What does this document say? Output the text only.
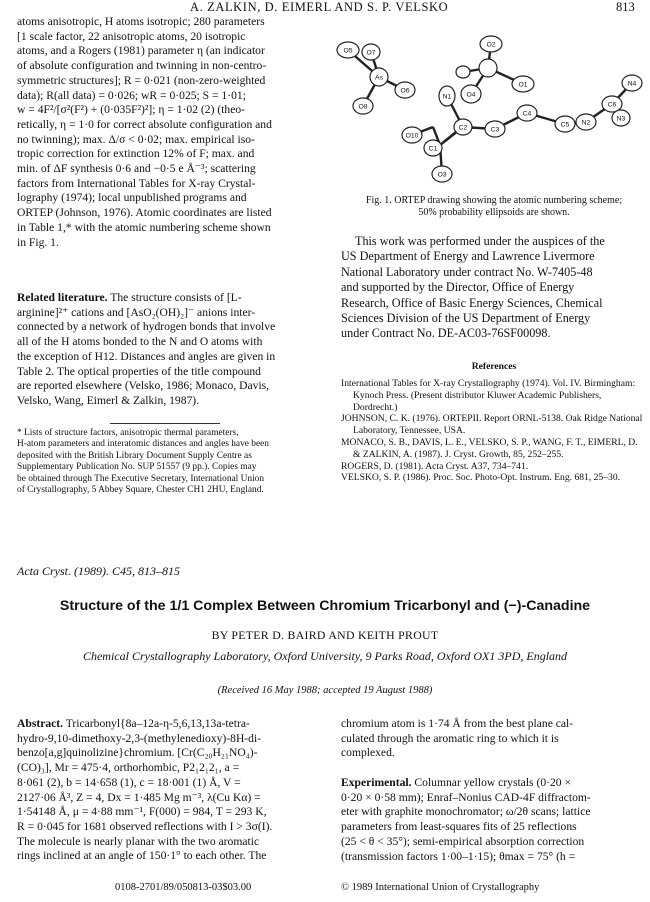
A. ZALKIN, D. EIMERL AND S. P. VELSKO	813

atoms anisotropic, H atoms isotropic; 280 parameters

[1 scale factor, 22 anisotropic atoms, 20 isotropic

atoms, and a Rogers (1981) parameter η (an indicator

of absolute configuration and twinning in non-centro-

symmetric structures]; R = 0·021 (non-zero-weighted

data); R(all data) = 0·026; wR = 0·025; S = 1·01;

w = 4F²/[σ²(F²) + (0·035F²)²]; η = 1·02 (2) (theo-

retically, η = 1·0 for correct absolute configuration and

no twinning); max. Δ/σ < 0·02; max. empirical iso-

tropic correction for extinction 12% of F; max. and

min. of ΔF synthesis 0·6 and −0·5 e Å⁻³; scattering

factors from International Tables for X-ray Crystal-

lography (1974); local unpublished programs and

ORTEP (Johnson, 1976). Atomic coordinates are listed

in Table 1,* with the atomic numbering scheme shown

in Fig. 1.

Related literature. The structure consists of [L-

arginine]²⁺ cations and [AsO₂(OH)₂]⁻ anions inter-

connected by a network of hydrogen bonds that involve

all of the H atoms bonded to the N and O atoms with

the exception of H12. Distances and angles are given in

Table 2. The optical properties of the title compound

are reported elsewhere (Velsko, 1986; Monaco, Davis,

Velsko, Wang, Eimerl & Zalkin, 1987).

* Lists of structure factors, anisotropic thermal parameters,

H-atom parameters and interatomic distances and angles have been

deposited with the British Library Document Supply Centre as

Supplementary Publication No. SUP 51557 (9 pp.). Copies may

be obtained through The Executive Secretary, International Union

of Crystallography, 5 Abbey Square, Chester CH1 2HU, England.

O5 O7
As
O6
O8
O2
N1 O4
C1
O1
O10
C2
N2
C3
C4
C5
N4
C6
N3
O3
Fig. 1. ORTEP drawing showing the atomic numbering scheme;
50% probability ellipsoids are shown.

This work was performed under the auspices of the

US Department of Energy and Lawrence Livermore

National Laboratory under contract No. W-7405-48

and supported by the Director, Office of Energy

Research, Office of Basic Energy Sciences, Chemical

Sciences Division of the US Department of Energy

under Contract No. DE-AC03-76SF00098.

References

International Tables for X-ray Crystallography (1974). Vol. IV. Birmingham: Kynoch Press. (Present distributor Kluwer Academic Publishers, Dordrecht.)

JOHNSON, C. K. (1976). ORTEPII. Report ORNL-5138. Oak Ridge National Laboratory, Tennessee, USA.

MONACO, S. B., DAVIS, L. E., VELSKO, S. P., WANG, F. T., EIMERL, D. & ZALKIN, A. (1987). J. Cryst. Growth, 85, 252–255.

ROGERS, D. (1981). Acta Cryst. A37, 734–741.

VELSKO, S. P. (1986). Proc. Soc. Photo-Opt. Instrum. Eng. 681, 25–30.

Acta Cryst. (1989). C45, 813–815
Structure of the 1/1 Complex Between Chromium Tricarbonyl and (−)-Canadine
BY PETER D. BAIRD AND KEITH PROUT
Chemical Crystallography Laboratory, Oxford University, 9 Parks Road, Oxford OX1 3PD, England
(Received 16 May 1988; accepted 19 August 1988)

Abstract. Tricarbonyl{8a–12a-η-5,6,13,13a-tetra-

hydro-9,10-dimethoxy-2,3-(methylenedioxy)-8H-di-

benzo[a,g]quinolizine}chromium. [Cr(C₂₀H₂₁NO₄)-

(CO)₃], Mr = 475·4, orthorhombic, P2₁2₁2₁, a =

8·061 (2), b = 14·658 (1), c = 18·001 (1) Å, V =

2127·06 Å³, Z = 4, Dx = 1·485 Mg m⁻³, λ(Cu Kα) =

1·54148 Å, μ = 4·88 mm⁻¹, F(000) = 984, T = 293 K,

R = 0·045 for 1681 observed reflections with I > 3σ(I).

The molecule is nearly planar with the two aromatic

rings inclined at an angle of 150·1° to each other. The

chromium atom is 1·74 Å from the best plane cal-

culated through the aromatic ring to which it is

complexed.

Experimental. Columnar yellow crystals (0·20 ×

0·20 × 0·58 mm); Enraf–Nonius CAD-4F diffractom-

eter with graphite monochromator; ω/2θ scans; lattice

parameters from least-squares fits of 25 reflections

(25 < θ < 35°); semi-empirical absorption correction

(transmission factors 1·00–1·15); θmax = 75° (h =

0108-2701/89/050813-03$03.00	© 1989 International Union of Crystallography
